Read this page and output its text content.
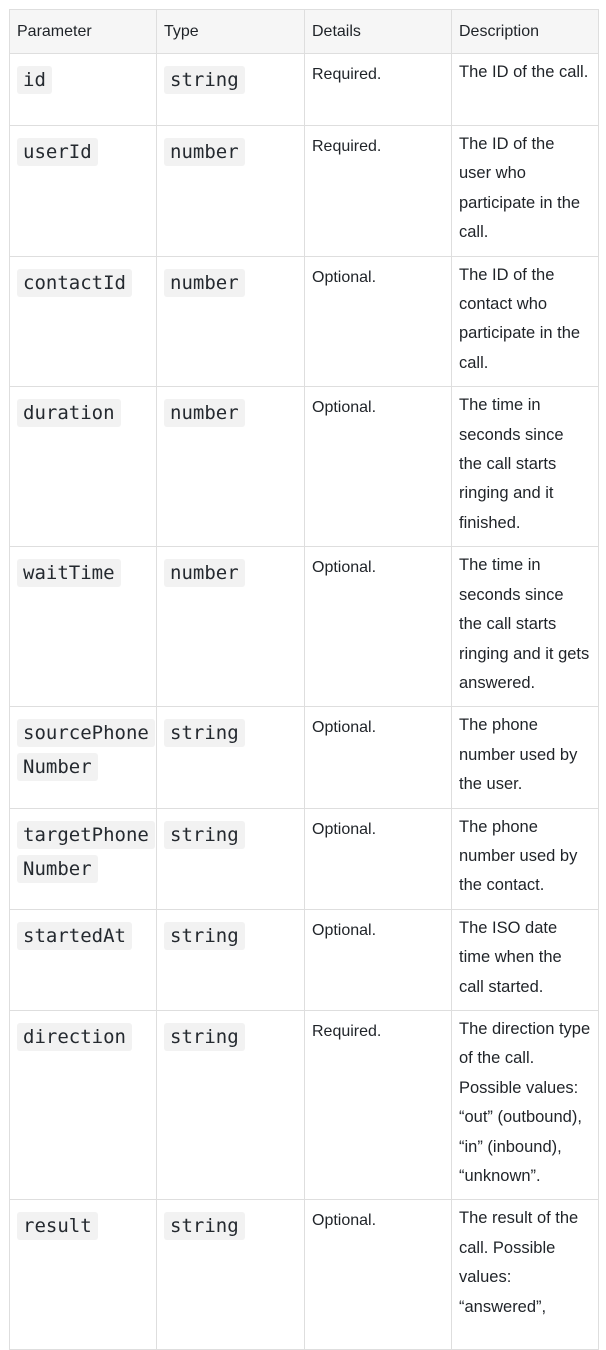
Parameter	Type	Details	Description
id	string	Required.	The ID of the call.
userId	number	Required.	The ID of the user who participate in the call.
contactId	number	Optional.	The ID of the contact who participate in the call.
duration	number	Optional.	The time in seconds since the call starts ringing and it finished.
waitTime	number	Optional.	The time in seconds since the call starts ringing and it gets answered.
sourcePhoneNumber	string	Optional.	The phone number used by the user.
targetPhoneNumber	string	Optional.	The phone number used by the contact.
startedAt	string	Optional.	The ISO date time when the call started.
direction	string	Required.	The direction type of the call. Possible values: “out” (outbound), “in” (inbound), “unknown”.
result	string	Optional.	The result of the call. Possible values: “answered”,
